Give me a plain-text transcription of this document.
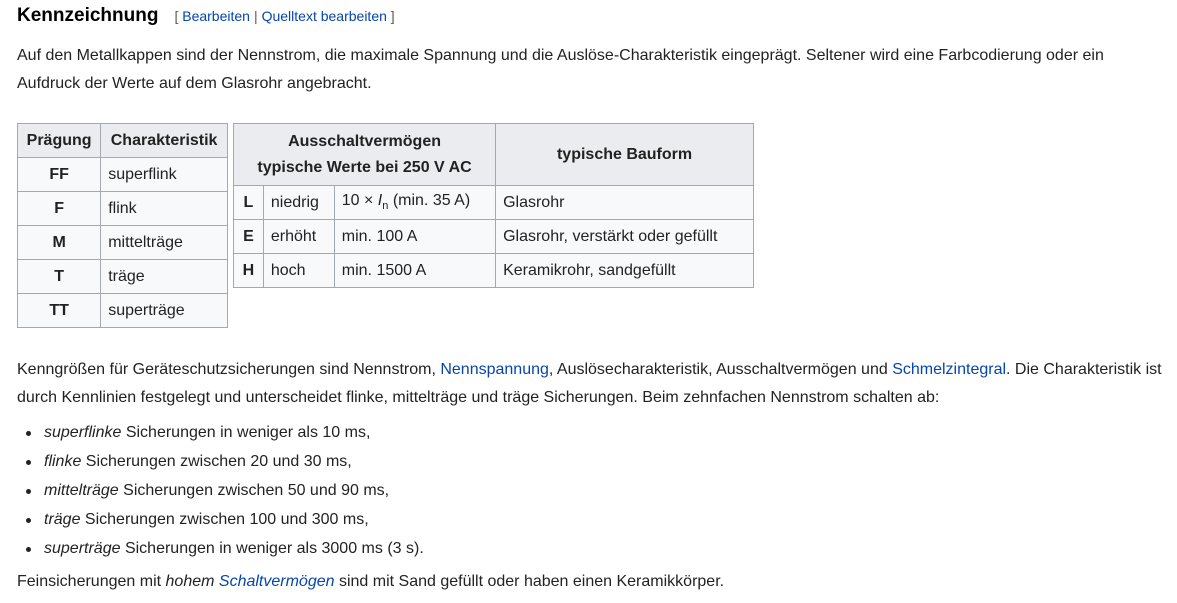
Kennzeichnung [ Bearbeiten | Quelltext bearbeiten ]

Auf den Metallkappen sind der Nennstrom, die maximale Spannung und die Auslöse-Charakteristik eingeprägt. Seltener wird eine Farbcodierung oder ein Aufdruck der Werte auf dem Glasrohr angebracht.

Prägung	Charakteristik
FF	superflink
F	flink
M	mittelträge
T	träge
TT	superträge
Ausschaltvermögen
typische Werte bei 250 V AC			typische Bauform
L	niedrig	$10 \times I_n$ (min. 35 A)	Glasrohr
E	erhöht	min. 100 A	Glasrohr, verstärkt oder gefüllt
H	hoch	min. 1500 A	Keramikrohr, sandgefüllt

Kenngrößen für Geräteschutzsicherungen sind Nennstrom, Nennspannung, Auslösecharakteristik, Ausschaltvermögen und Schmelzintegral. Die Charakteristik ist durch Kennlinien festgelegt und unterscheidet flinke, mittelträge und träge Sicherungen. Beim zehnfachen Nennstrom schalten ab:

superflinke Sicherungen in weniger als 10 ms,
flinke Sicherungen zwischen 20 und 30 ms,
mittelträge Sicherungen zwischen 50 und 90 ms,
träge Sicherungen zwischen 100 und 300 ms,
superträge Sicherungen in weniger als 3000 ms (3 s).

Feinsicherungen mit hohem Schaltvermögen sind mit Sand gefüllt oder haben einen Keramikkörper.
